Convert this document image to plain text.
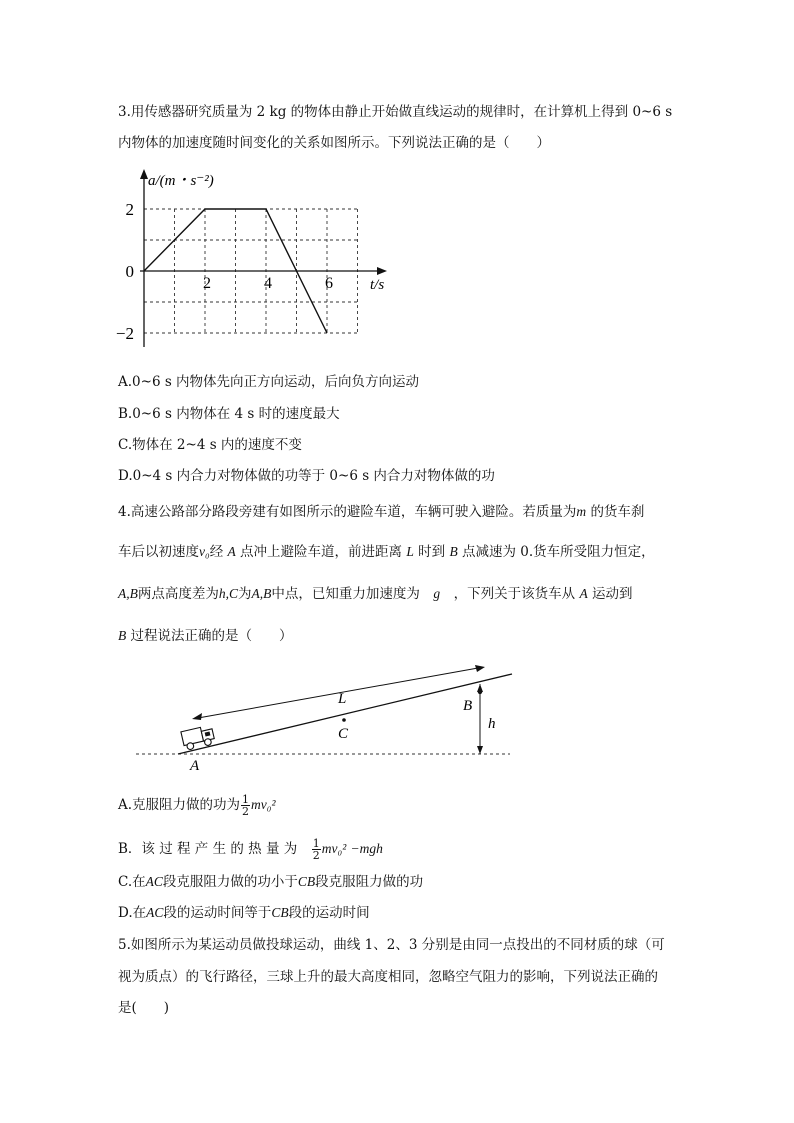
3.用传感器研究质量为 2 kg 的物体由静止开始做直线运动的规律时，在计算机上得到 0~6 s
内物体的加速度随时间变化的关系如图所示。下列说法正确的是（　　）
2	4	6
2
0
−2
a/(m・s⁻²)
t/s
A.0~6 s 内物体先向正方向运动，后向负方向运动
B.0~6 s 内物体在 4 s 时的速度最大
C.物体在 2~4 s 内的速度不变
D.0~4 s 内合力对物体做的功等于 0~6 s 内合力对物体做的功
4.高速公路部分路段旁建有如图所示的避险车道，车辆可驶入避险。若质量为m 的货车刹
车后以初速度v₀经 A 点冲上避险车道，前进距离 L 时到 B 点减速为 0.货车所受阻力恒定，
A,B两点高度差为h,C为A,B中点，已知重力加速度为　 g　 ，下列关于该货车从 A 运动到
B 过程说法正确的是（　　）
L	B
C
A
h
A.克服阻力做的功为 $\frac{1}{2} mv_0^2$
B．该 过 程 产 生 的 热 量 为　 $\frac{1}{2} mv_0^2 -mgh$
C.在AC段克服阻力做的功小于CB段克服阻力做的功
D.在AC段的运动时间等于CB段的运动时间
5.如图所示为某运动员做投球运动，曲线 1、2、3 分别是由同一点投出的不同材质的球（可
视为质点）的飞行路径，三球上升的最大高度相同，忽略空气阻力的影响，下列说法正确的
是(　　)
